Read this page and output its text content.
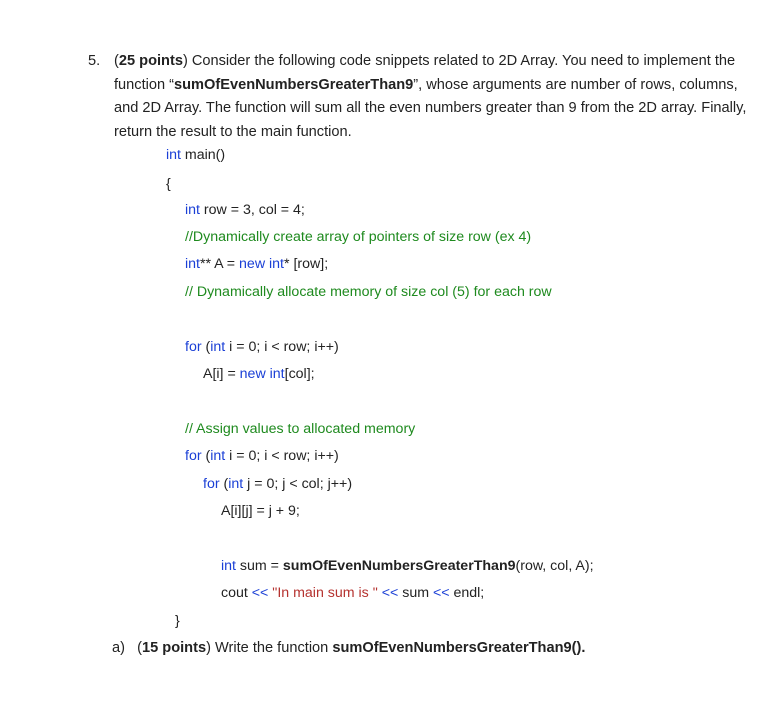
5. (25 points) Consider the following code snippets related to 2D Array. You need to implement the function “sumOfEvenNumbersGreaterThan9”, whose arguments are number of rows, columns, and 2D Array. The function will sum all the even numbers greater than 9 from the 2D array. Finally, return the result to the main function.
int main()
{
int row = 3, col = 4;
//Dynamically create array of pointers of size row (ex 4)
int** A = new int* [row];
// Dynamically allocate memory of size col (5) for each row
for (int i = 0; i < row; i++)
A[i] = new int[col];
// Assign values to allocated memory
for (int i = 0; i < row; i++)
for (int j = 0; j < col; j++)
A[i][j] = j + 9;
int sum = sumOfEvenNumbersGreaterThan9(row, col, A);
cout << "In main sum is " << sum << endl;
}
a)   (15 points) Write the function sumOfEvenNumbersGreaterThan9().
